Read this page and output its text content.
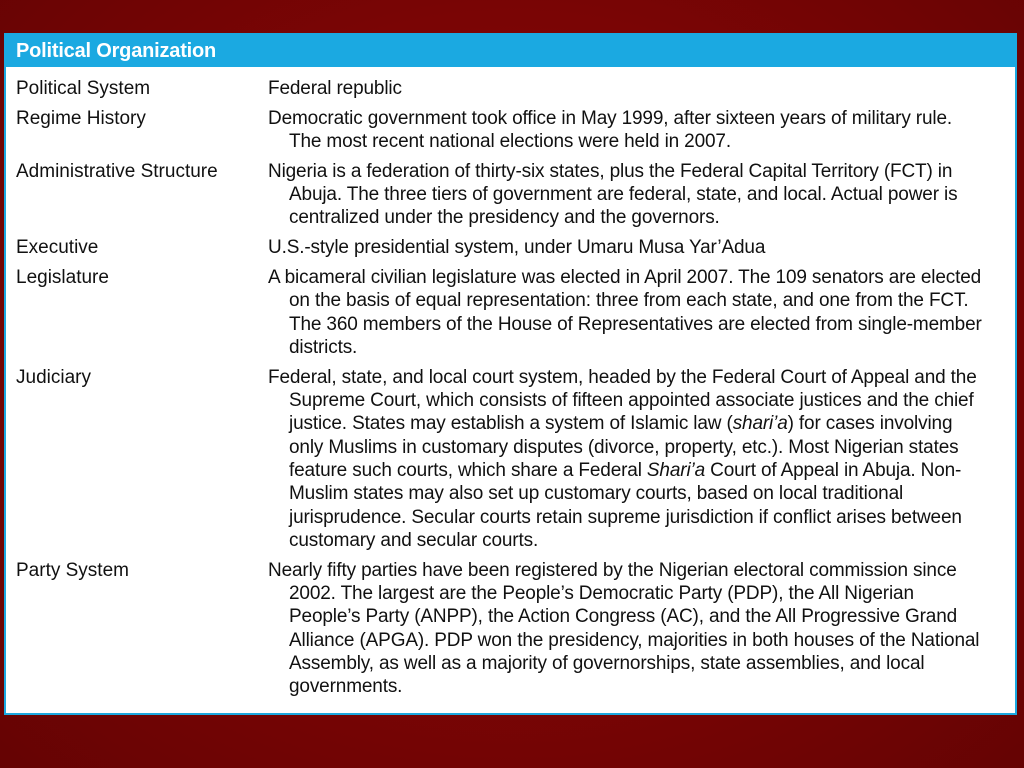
Political Organization
Political System	Federal republic
Regime History	Democratic government took office in May 1999, after sixteen years of military rule. The most recent national elections were held in 2007.
Administrative Structure	Nigeria is a federation of thirty-six states, plus the Federal Capital Territory (FCT) in Abuja. The three tiers of government are federal, state, and local. Actual power is centralized under the presidency and the governors.
Executive	U.S.-style presidential system, under Umaru Musa Yar’Adua
Legislature	A bicameral civilian legislature was elected in April 2007. The 109 senators are elected on the basis of equal representation: three from each state, and one from the FCT. The 360 members of the House of Representatives are elected from single-member districts.
Judiciary	Federal, state, and local court system, headed by the Federal Court of Appeal and the Supreme Court, which consists of fifteen appointed associate justices and the chief justice. States may establish a system of Islamic law (shari’a) for cases involving only Muslims in customary disputes (divorce, property, etc.). Most Nigerian states feature such courts, which share a Federal Shari’a Court of Appeal in Abuja. Non-Muslim states may also set up customary courts, based on local traditional jurisprudence. Secular courts retain supreme jurisdiction if conflict arises between customary and secular courts.
Party System	Nearly fifty parties have been registered by the Nigerian electoral commission since 2002. The largest are the People’s Democratic Party (PDP), the All Nigerian People’s Party (ANPP), the Action Congress (AC), and the All Progressive Grand Alliance (APGA). PDP won the presidency, majorities in both houses of the National Assembly, as well as a majority of governorships, state assemblies, and local governments.
